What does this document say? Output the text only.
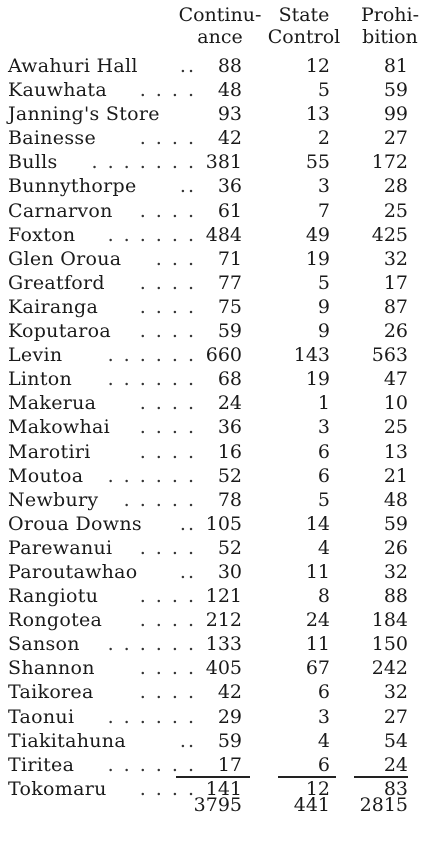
Continu-
ance
State
Control
Prohi-
bition
..
Awahuri Hall	88	12	81
. . . .
Kauwhata	48	5	59
Janning's Store	93	13	99
. . . .
Bainesse	42	2	27
. . . . . . .
Bulls	381	55 172
..
Bunnythorpe	36	3	28
. . . .
Carnarvon	61	7	25
. . . . . .
Foxton	484	49 425
. . .
Glen Oroua	71	19	32
. . . .
Greatford	77	5	17
. . . .
Kairanga	75	9	87
. . . .
Koputaroa	59	9	26
. . . . . .
Levin	660	143 563
. . . . . .
Linton	68	19	47
. . . .
Makerua	24	1	10
. . . .
Makowhai	36	3	25
. . . .
Marotiri	16	6	13
. . . . . .
Moutoa	52	6	21
. . . . .
Newbury	78	5	48
..
Oroua Downs	105	14	59
. . . .
Parewanui	52	4	26
..
Paroutawhao	30	11	32
. . . .
Rangiotu	121	8	88
. . . .
Rongotea	212	24 184
. . . . . .
Sanson	133	11 150
. . . .
Shannon	405	67 242
. . . .
Taikorea	42	6	32
. . . . . .
Taonui	29	3	27
..
Tiakitahuna	59	4	54
. . . . . .
Tiritea	17	6	24
. . . .
Tokomaru	141	12	83
3795	441 2815
